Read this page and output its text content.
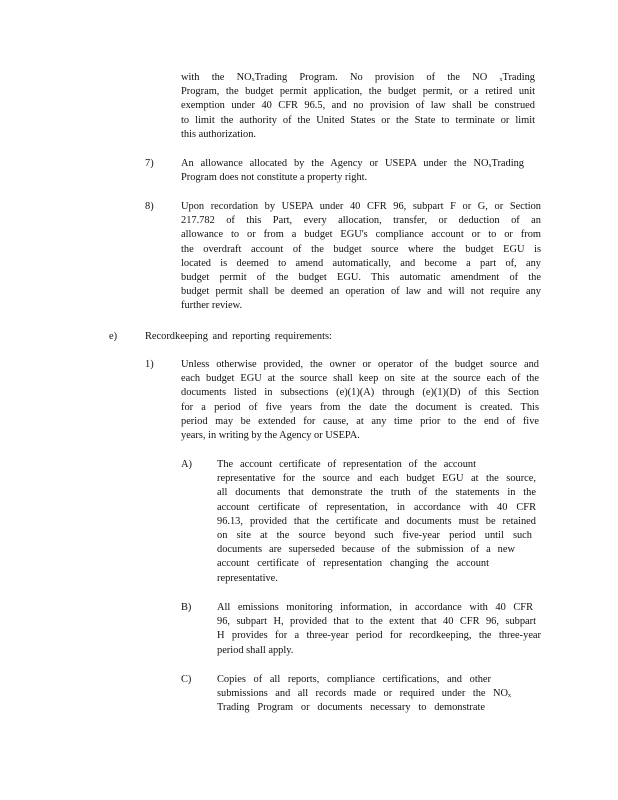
with the NOₓTrading Program. No provision of the NO ₓTrading
Program, the budget permit application, the budget permit, or a retired unit
exemption under 40 CFR 96.5, and no provision of law shall be construed
to limit the authority of the United States or the State to terminate or limit
this authorization.
7)	An allowance allocated by the Agency or USEPA under the NOₓTrading
Program does not constitute a property right.
8)	Upon recordation by USEPA under 40 CFR 96, subpart F or G, or Section
217.782 of this Part, every allocation, transfer, or deduction of an
allowance to or from a budget EGU's compliance account or to or from
the overdraft account of the budget source where the budget EGU is
located is deemed to amend automatically, and become a part of, any
budget permit of the budget EGU. This automatic amendment of the
budget permit shall be deemed an operation of law and will not require any
further review.
e)	Recordkeeping and reporting requirements:
1)	Unless otherwise provided, the owner or operator of the budget source and
each budget EGU at the source shall keep on site at the source each of the
documents listed in subsections (e)(1)(A) through (e)(1)(D) of this Section
for a period of five years from the date the document is created. This
period may be extended for cause, at any time prior to the end of five
years, in writing by the Agency or USEPA.
A) The account certificate of representation of the account
representative for the source and each budget EGU at the source,
all documents that demonstrate the truth of the statements in the
account certificate of representation, in accordance with 40 CFR
96.13, provided that the certificate and documents must be retained
on site at the source beyond such five-year period until such
documents are superseded because of the submission of a new
account certificate of representation changing the account
representative.
B) All emissions monitoring information, in accordance with 40 CFR
96, subpart H, provided that to the extent that 40 CFR 96, subpart
H provides for a three-year period for recordkeeping, the three-year
period shall apply.
C) Copies of all reports, compliance certifications, and other
submissions and all records made or required under the NOₓ
Trading Program or documents necessary to demonstrate
